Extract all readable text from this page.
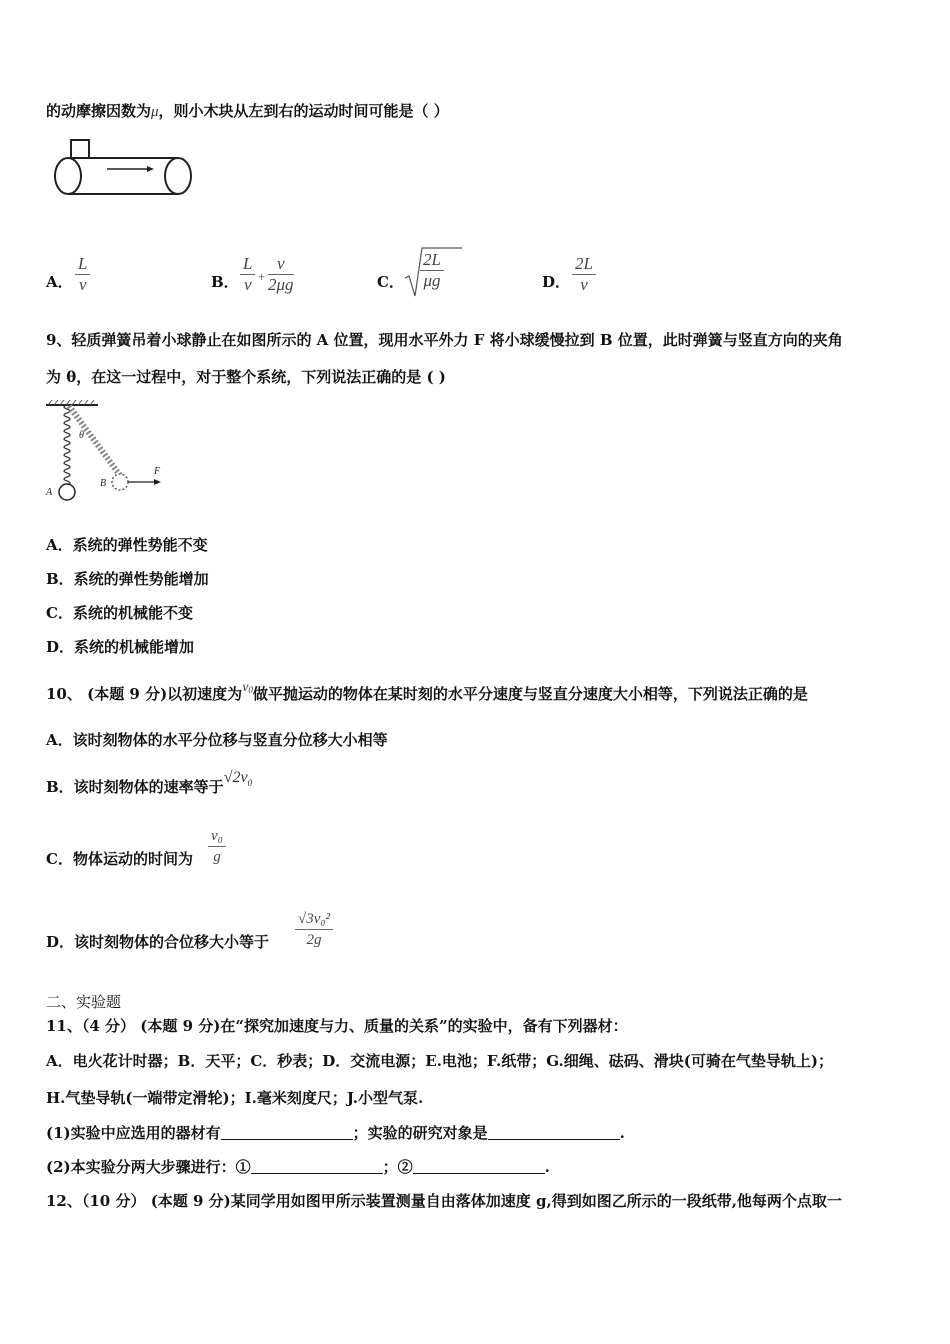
的动摩擦因数为μ，则小木块从左到右的运动时间可能是（ ）
A． $\frac{L}{v}$	B． $\frac{L}{v} + \frac{v}{2\mu g}$	C． $\frac{2L}{\mu g}$	D． $\frac{2L}{v}$
9、轻质弹簧吊着小球静止在如图所示的 A 位置，现用水平外力 F 将小球缓慢拉到 B 位置，此时弹簧与竖直方向的夹角
为 θ，在这一过程中，对于整个系统，下列说法正确的是 ( )
θ
A
B
F
A．系统的弹性势能不变
B．系统的弹性势能增加
C．系统的机械能不变
D．系统的机械能增加
10、 (本题 9 分)以初速度为$v^0$做平抛运动的物体在某时刻的水平分速度与竖直分速度大小相等，下列说法正确的是
A．该时刻物体的水平分位移与竖直分位移大小相等
B．该时刻物体的速率等于$√2v^0$
C．物体运动的时间为 $\frac{\text{v₀}}{g}$
D．该时刻物体的合位移大小等于 $\frac{\text{√3v₀²}}{2g}$
二、实验题
11、（4 分） (本题 9 分)在“探究加速度与力、质量的关系”的实验中，备有下列器材：
A．电火花计时器；B．天平；C．秒表；D．交流电源；E.电池；F.纸带；G.细绳、砝码、滑块(可骑在气垫导轨上)；
H.气垫导轨(一端带定滑轮)；I.毫米刻度尺；J.小型气泵.
(1)实验中应选用的器材有	；实验的研究对象是	.
(2)本实验分两大步骤进行：①	；②	.
12、（10 分） (本题 9 分)某同学用如图甲所示装置测量自由落体加速度 g,得到如图乙所示的一段纸带,他每两个点取一
